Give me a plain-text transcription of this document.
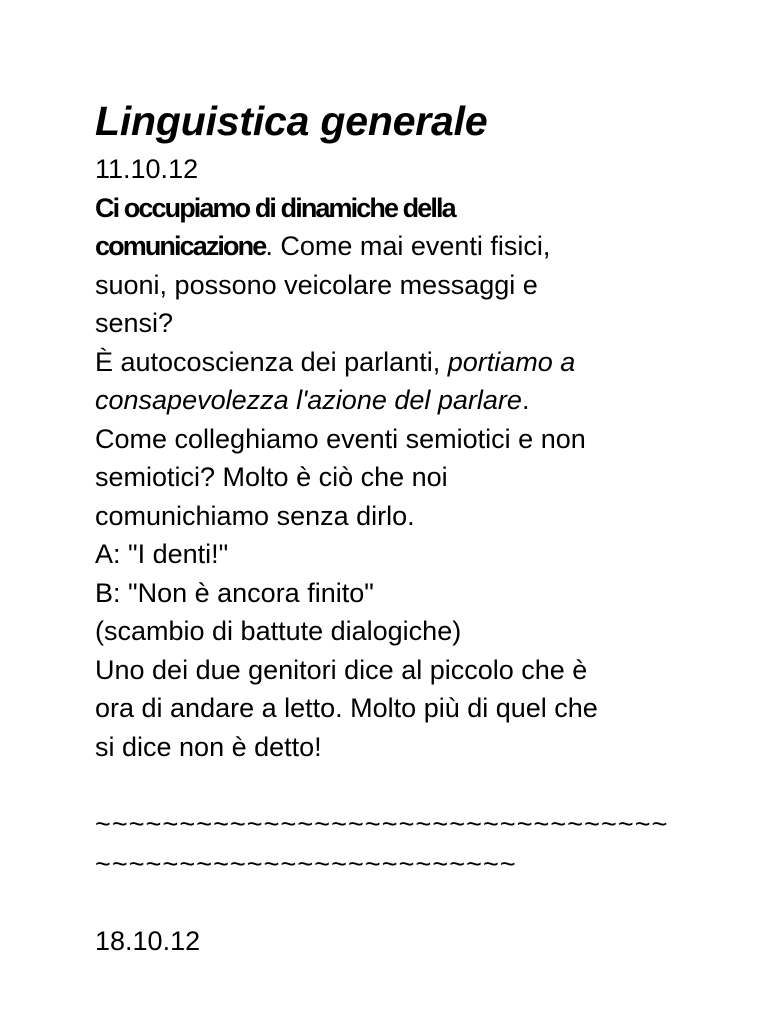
Linguistica generale
11.10.12
Ci occupiamo di dinamiche della
comunicazione. Come mai eventi fisici,
suoni, possono veicolare messaggi e
sensi?
È autocoscienza dei parlanti, portiamo a
consapevolezza l'azione del parlare.
Come colleghiamo eventi semiotici e non
semiotici? Molto è ciò che noi
comunichiamo senza dirlo.
A: "I denti!"
B: "Non è ancora finito"
(scambio di battute dialogiche)
Uno dei due genitori dice al piccolo che è
ora di andare a letto. Molto più di quel che
si dice non è detto!
~~~~~~~~~~~~~~~~~~~~~~~~~~~~~~~~~~
~~~~~~~~~~~~~~~~~~~~~~~~~
18.10.12
